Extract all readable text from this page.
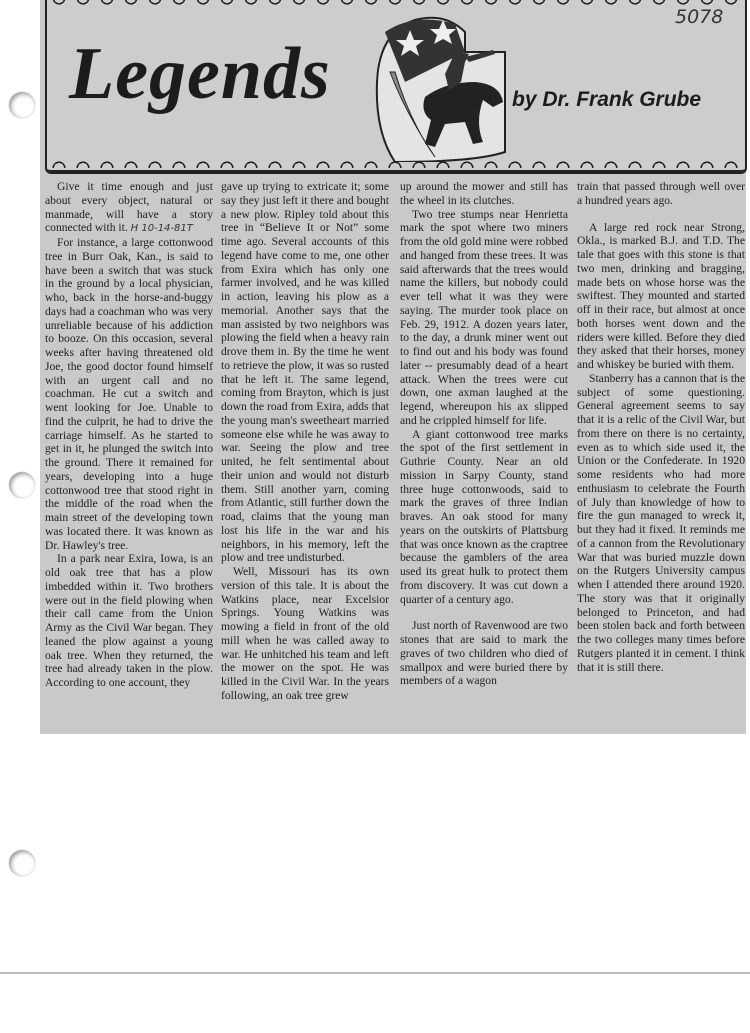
Legends	by Dr. Frank Grube
5078

Give it time enough and just about every object, natural or manmade, will have a story connected with it. H 10-14-81T

For instance, a large cottonwood tree in Burr Oak, Kan., is said to have been a switch that was stuck in the ground by a local physician, who, back in the horse-and-buggy days had a coachman who was very unreliable because of his addiction to booze. On this occasion, several weeks after having threatened old Joe, the good doctor found himself with an urgent call and no coachman. He cut a switch and went looking for Joe. Unable to find the culprit, he had to drive the carriage himself. As he started to get in it, he plunged the switch into the ground. There it remained for years, developing into a huge cottonwood tree that stood right in the middle of the road when the main street of the developing town was located there. It was known as Dr. Hawley's tree.

In a park near Exira, Iowa, is an old oak tree that has a plow imbedded within it. Two brothers were out in the field plowing when their call came from the Union Army as the Civil War began. They leaned the plow against a young oak tree. When they returned, the tree had already taken in the plow. According to one account, they

gave up trying to extricate it; some say they just left it there and bought a new plow. Ripley told about this tree in “Believe It or Not” some time ago. Several accounts of this legend have come to me, one other from Exira which has only one farmer involved, and he was killed in action, leaving his plow as a memorial. Another says that the man assisted by two neighbors was plowing the field when a heavy rain drove them in. By the time he went to retrieve the plow, it was so rusted that he left it. The same legend, coming from Brayton, which is just down the road from Exira, adds that the young man's sweetheart married someone else while he was away to war. Seeing the plow and tree united, he felt sentimental about their union and would not disturb them. Still another yarn, coming from Atlantic, still further down the road, claims that the young man lost his life in the war and his neighbors, in his memory, left the plow and tree undisturbed.

Well, Missouri has its own version of this tale. It is about the Watkins place, near Excelsior Springs. Young Watkins was mowing a field in front of the old mill when he was called away to war. He unhitched his team and left the mower on the spot. He was killed in the Civil War. In the years following, an oak tree grew

up around the mower and still has the wheel in its clutches.

Two tree stumps near Henrietta mark the spot where two miners from the old gold mine were robbed and hanged from these trees. It was said afterwards that the trees would name the killers, but nobody could ever tell what it was they were saying. The murder took place on Feb. 29, 1912. A dozen years later, to the day, a drunk miner went out to find out and his body was found later -- presumably dead of a heart attack. When the trees were cut down, one axman laughed at the legend, whereupon his ax slipped and he crippled himself for life.

A giant cottonwood tree marks the spot of the first settlement in Guthrie County. Near an old mission in Sarpy County, stand three huge cottonwoods, said to mark the graves of three Indian braves. An oak stood for many years on the outskirts of Plattsburg that was once known as the craptree because the gamblers of the area used its great hulk to protect them from discovery. It was cut down a quarter of a century ago.

Just north of Ravenwood are two stones that are said to mark the graves of two children who died of smallpox and were buried there by members of a wagon

train that passed through well over a hundred years ago.

A large red rock near Strong, Okla., is marked B.J. and T.D. The tale that goes with this stone is that two men, drinking and bragging, made bets on whose horse was the swiftest. They mounted and started off in their race, but almost at once both horses went down and the riders were killed. Before they died they asked that their horses, money and whiskey be buried with them.

Stanberry has a cannon that is the subject of some questioning. General agreement seems to say that it is a relic of the Civil War, but from there on there is no certainty, even as to which side used it, the Union or the Confederate. In 1920 some residents who had more enthusiasm to celebrate the Fourth of July than knowledge of how to fire the gun managed to wreck it, but they had it fixed. It reminds me of a cannon from the Revolutionary War that was buried muzzle down on the Rutgers University campus when I attended there around 1920. The story was that it originally belonged to Princeton, and had been stolen back and forth between the two colleges many times before Rutgers planted it in cement. I think that it is still there.
